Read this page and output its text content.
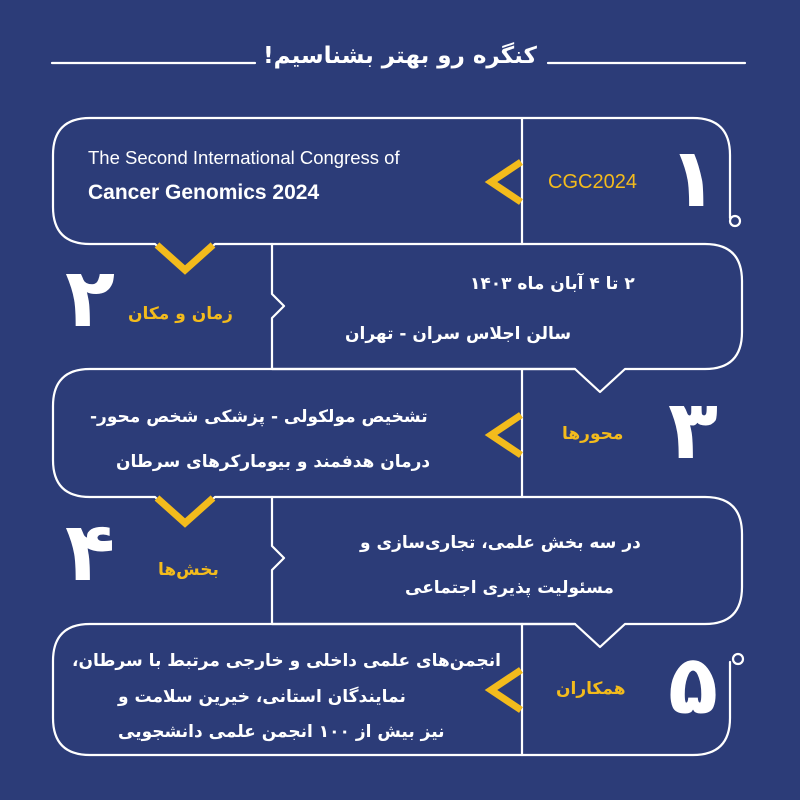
کنگره رو بهتر بشناسیم!
۱
CGC2024
The Second International Congress of
Cancer Genomics 2024
۲ زمان و مکان
۲ تا ۴ آبان ماه ۱۴۰۳
سالن اجلاس سران - تهران
۳
محورها
تشخیص مولکولی - پزشکی شخص محور-
درمان هدفمند و بیومارکرهای سرطان
۴	بخش‌ها
در سه بخش علمی، تجاری‌سازی و
مسئولیت پذیری اجتماعی
۵
همکاران
انجمن‌های علمی داخلی و خارجی مرتبط با سرطان،
نمایندگان استانی، خیرین سلامت و
نیز بیش از ۱۰۰ انجمن علمی دانشجویی
